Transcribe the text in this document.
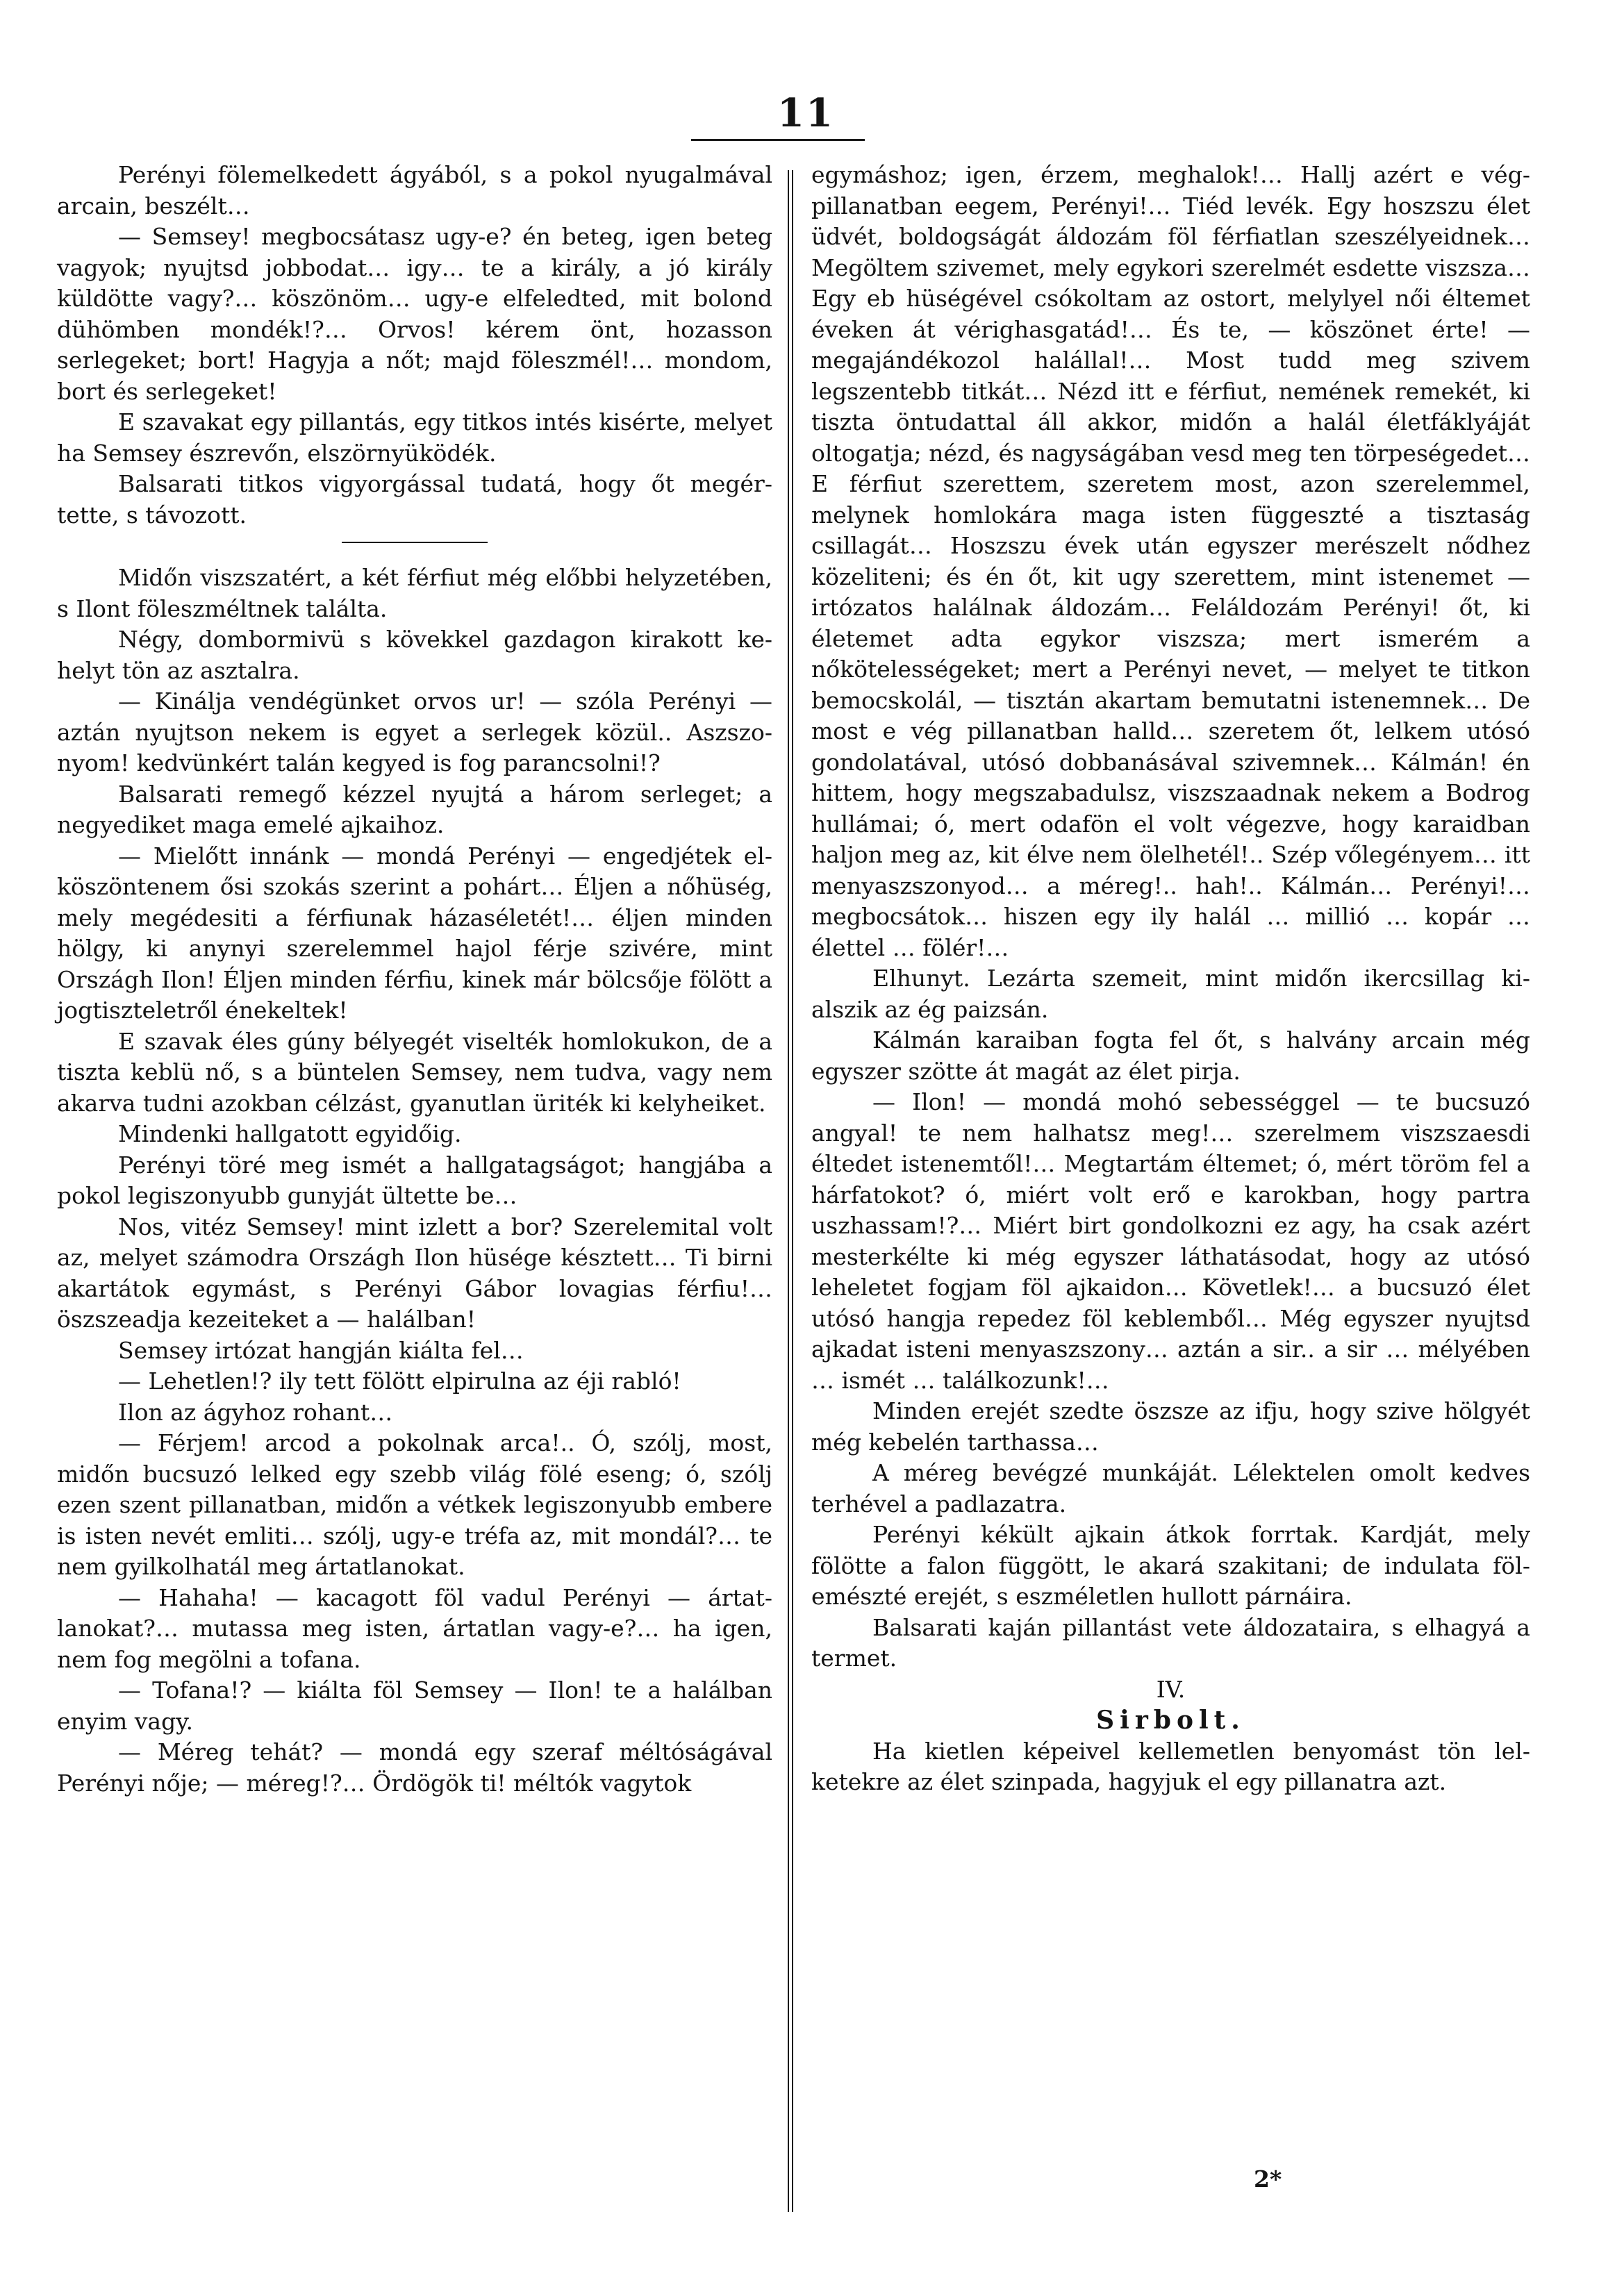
11

Perényi fölemelkedett ágyából, s a pokol nyugalmával arcain, beszélt…

— Semsey! megbocsátasz ugy-e? én beteg, igen beteg vagyok; nyujtsd jobbodat… igy… te a király, a jó király küldötte vagy?… köszönöm… ugy-e elfeledted, mit bolond dühömben mondék!?… Orvos! kérem önt, hozasson serlegeket; bort! Hagyja a nőt; majd föleszmél!… mondom, bort és serlegeket!

E szavakat egy pillantás, egy titkos intés kisérte, melyet ha Semsey észrevőn, elszörnyüködék.

Balsarati titkos vigyorgással tudatá, hogy őt megértette, s távozott.

Midőn viszszatért, a két férfiut még előbbi helyzetében, s Ilont föleszméltnek találta.

Négy, dombormivü s kövekkel gazdagon kirakott kehelyt tön az asztalra.

— Kinálja vendégünket orvos ur! — szóla Perényi — aztán nyujtson nekem is egyet a serlegek közül.. Aszszonyom! kedvünkért talán kegyed is fog parancsolni!?

Balsarati remegő kézzel nyujtá a három serleget; a negyediket maga emelé ajkaihoz.

— Mielőtt innánk — mondá Perényi — engedjétek elköszöntenem ősi szokás szerint a pohárt… Éljen a nőhüség, mely megédesiti a férfiunak házaséletét!… éljen minden hölgy, ki anynyi szerelemmel hajol férje szivére, mint Országh Ilon! Éljen minden férfiu, kinek már bölcsője fölött a jogtiszteletről énekeltek!

E szavak éles gúny bélyegét viselték homlokukon, de a tiszta keblü nő, s a büntelen Semsey, nem tudva, vagy nem akarva tudni azokban célzást, gyanutlan üriték ki kelyheiket.

Mindenki hallgatott egyidőig.

Perényi töré meg ismét a hallgatagságot; hangjába a pokol legiszonyubb gunyját ültette be…

Nos, vitéz Semsey! mint izlett a bor? Szerelemital volt az, melyet számodra Országh Ilon hüsége késztett… Ti birni akartátok egymást, s Perényi Gábor lovagias férfiu!… öszszeadja kezeiteket a — halálban!

Semsey irtózat hangján kiálta fel…

— Lehetlen!? ily tett fölött elpirulna az éji rabló!

Ilon az ágyhoz rohant…

— Férjem! arcod a pokolnak arca!.. Ó, szólj, most, midőn bucsuzó lelked egy szebb világ fölé eseng; ó, szólj ezen szent pillanatban, midőn a vétkek legiszonyubb embere is isten nevét emliti… szólj, ugy-e tréfa az, mit mondál?… te nem gyilkolhatál meg ártatlanokat.

— Hahaha! — kacagott föl vadul Perényi — ártatlanokat?… mutassa meg isten, ártatlan vagy-e?… ha igen, nem fog megölni a tofana.

— Tofana!? — kiálta föl Semsey — Ilon! te a halálban enyim vagy.

— Méreg tehát? — mondá egy szeraf méltóságával Perényi nője; — méreg!?… Ördögök ti! méltók vagytok

egymáshoz; igen, érzem, meghalok!… Hallj azért e végpillanatban eegem, Perényi!… Tiéd levék. Egy hoszszu élet üdvét, boldogságát áldozám föl férfiatlan szeszélyeidnek… Megöltem szivemet, mely egykori szerelmét esdette viszsza… Egy eb hüségével csókoltam az ostort, melylyel női éltemet éveken át vérighasgatád!… És te, — köszönet érte! — megajándékozol halállal!… Most tudd meg szivem legszentebb titkát… Nézd itt e férfiut, nemének remekét, ki tiszta öntudattal áll akkor, midőn a halál életfáklyáját oltogatja; nézd, és nagyságában vesd meg ten törpeségedet… E férfiut szerettem, szeretem most, azon szerelemmel, melynek homlokára maga isten függeszté a tisztaság csillagát… Hoszszu évek után egyszer merészelt nődhez közeliteni; és én őt, kit ugy szerettem, mint istenemet — irtózatos halálnak áldozám… Feláldozám Perényi! őt, ki életemet adta egykor viszsza; mert ismerém a nőkötelességeket; mert a Perényi nevet, — melyet te titkon bemocskolál, — tisztán akartam bemutatni istenemnek… De most e vég pillanatban halld… szeretem őt, lelkem utósó gondolatával, utósó dobbanásával szivemnek… Kálmán! én hittem, hogy megszabadulsz, viszszaadnak nekem a Bodrog hullámai; ó, mert odafön el volt végezve, hogy karaidban haljon meg az, kit élve nem ölelhetél!.. Szép vőlegényem… itt menyaszszonyod… a méreg!.. hah!.. Kálmán… Perényi!… megbocsátok… hiszen egy ily halál … millió … kopár … élettel … fölér!…

Elhunyt. Lezárta szemeit, mint midőn ikercsillag kialszik az ég paizsán.

Kálmán karaiban fogta fel őt, s halvány arcain még egyszer szötte át magát az élet pirja.

— Ilon! — mondá mohó sebességgel — te bucsuzó angyal! te nem halhatsz meg!… szerelmem viszszaesdi éltedet istenemtől!… Megtartám éltemet; ó, mért töröm fel a hárfatokot? ó, miért volt erő e karokban, hogy partra uszhassam!?… Miért birt gondolkozni ez agy, ha csak azért mesterkélte ki még egyszer láthatásodat, hogy az utósó leheletet fogjam föl ajkaidon… Követlek!… a bucsuzó élet utósó hangja repedez föl keblemből… Még egyszer nyujtsd ajkadat isteni menyaszszony… aztán a sir.. a sir … mélyében … ismét … találkozunk!…

Minden erejét szedte öszsze az ifju, hogy szive hölgyét még kebelén tarthassa…

A méreg bevégzé munkáját. Lélektelen omolt kedves terhével a padlazatra.

Perényi kékült ajkain átkok forrtak. Kardját, mely fölötte a falon függött, le akará szakitani; de indulata fölemészté erejét, s eszméletlen hullott párnáira.

Balsarati kaján pillantást vete áldozataira, s elhagyá a termet.

IV.

Sirbolt.

Ha kietlen képeivel kellemetlen benyomást tön lelketekre az élet szinpada, hagyjuk el egy pillanatra azt.

2*
